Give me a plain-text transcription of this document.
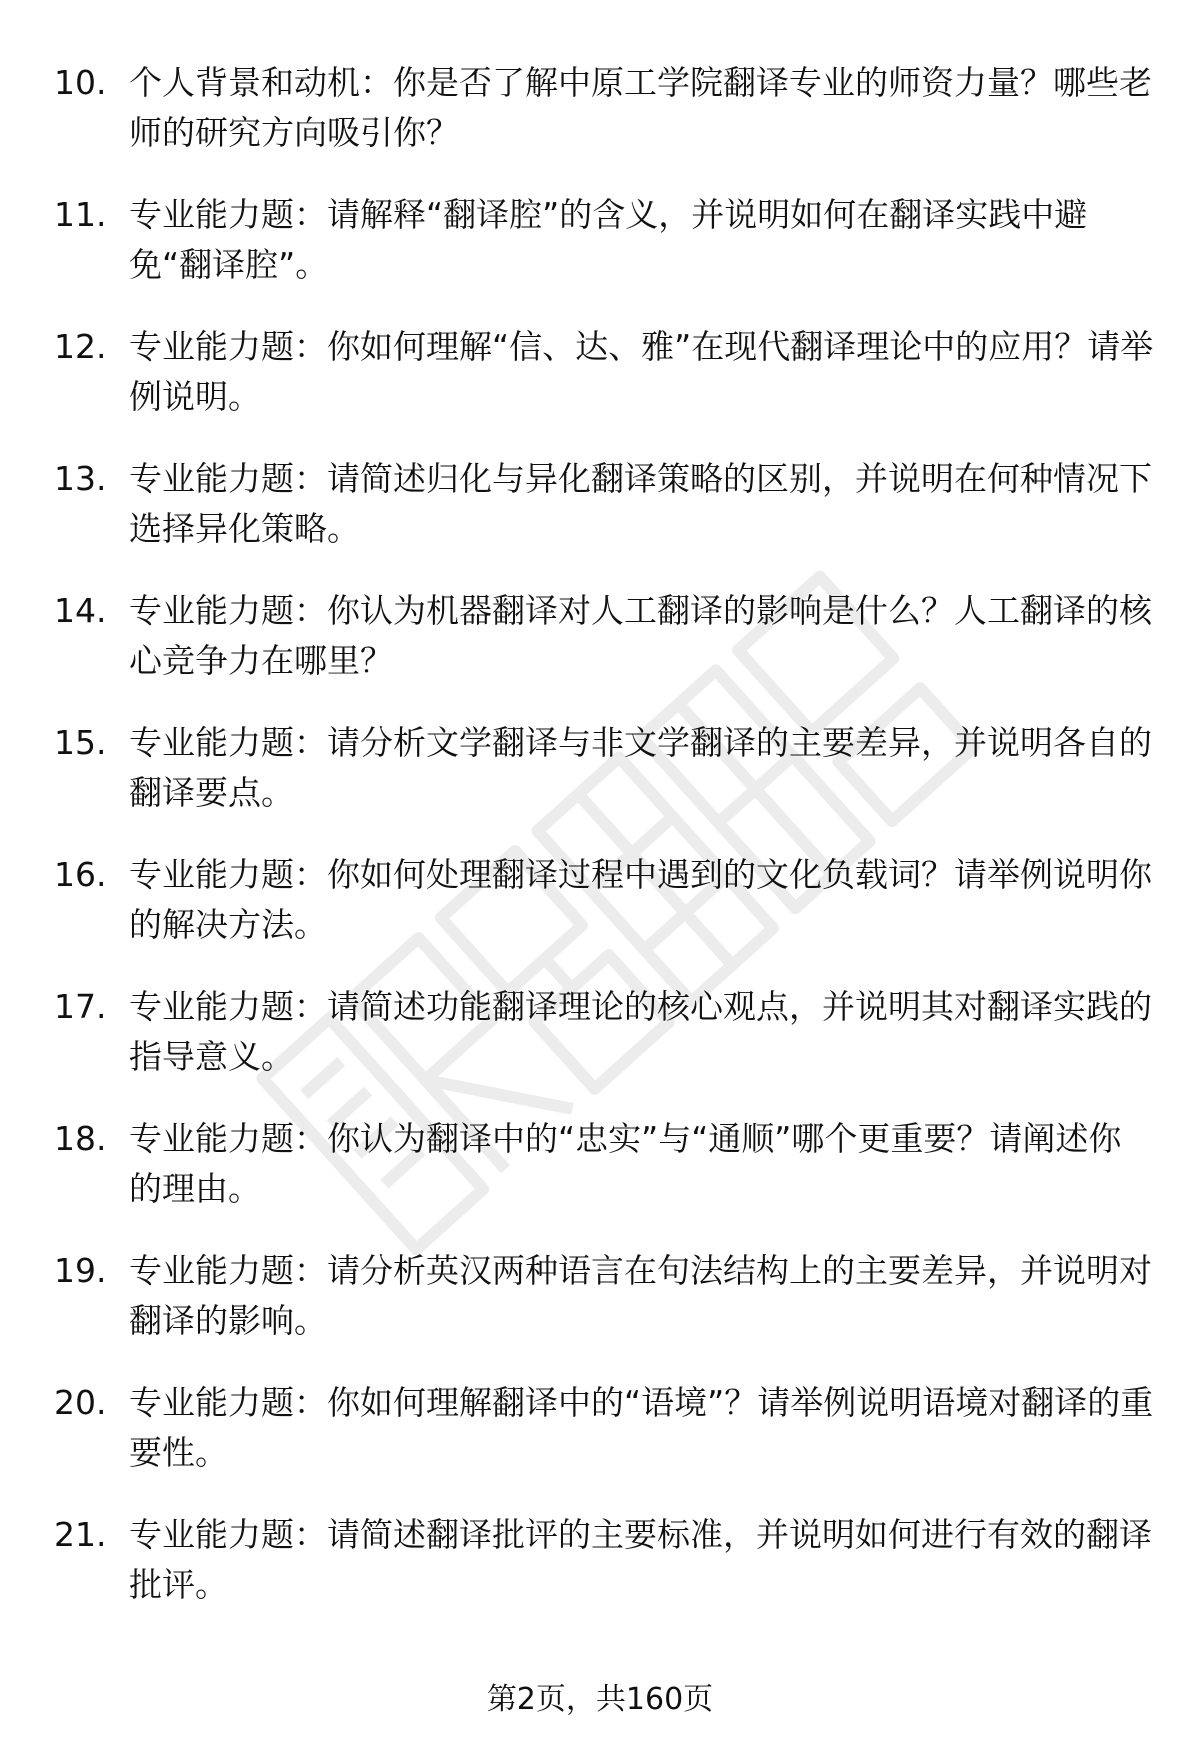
10. 个人背景和动机：你是否了解中原工学院翻译专业的师资力量？哪些老师的研究方向吸引你？
11. 专业能力题：请解释“翻译腔”的含义，并说明如何在翻译实践中避免“翻译腔”。
12. 专业能力题：你如何理解“信、达、雅”在现代翻译理论中的应用？请举例说明。
13. 专业能力题：请简述归化与异化翻译策略的区别，并说明在何种情况下选择异化策略。
14. 专业能力题：你认为机器翻译对人工翻译的影响是什么？人工翻译的核心竞争力在哪里？
15. 专业能力题：请分析文学翻译与非文学翻译的主要差异，并说明各自的翻译要点。
16. 专业能力题：你如何处理翻译过程中遇到的文化负载词？请举例说明你的解决方法。
17. 专业能力题：请简述功能翻译理论的核心观点，并说明其对翻译实践的指导意义。
18. 专业能力题：你认为翻译中的“忠实”与“通顺”哪个更重要？请阐述你的理由。
19. 专业能力题：请分析英汉两种语言在句法结构上的主要差异，并说明对翻译的影响。
20. 专业能力题：你如何理解翻译中的“语境”？请举例说明语境对翻译的重要性。
21. 专业能力题：请简述翻译批评的主要标准，并说明如何进行有效的翻译批评。
第2页，共160页
